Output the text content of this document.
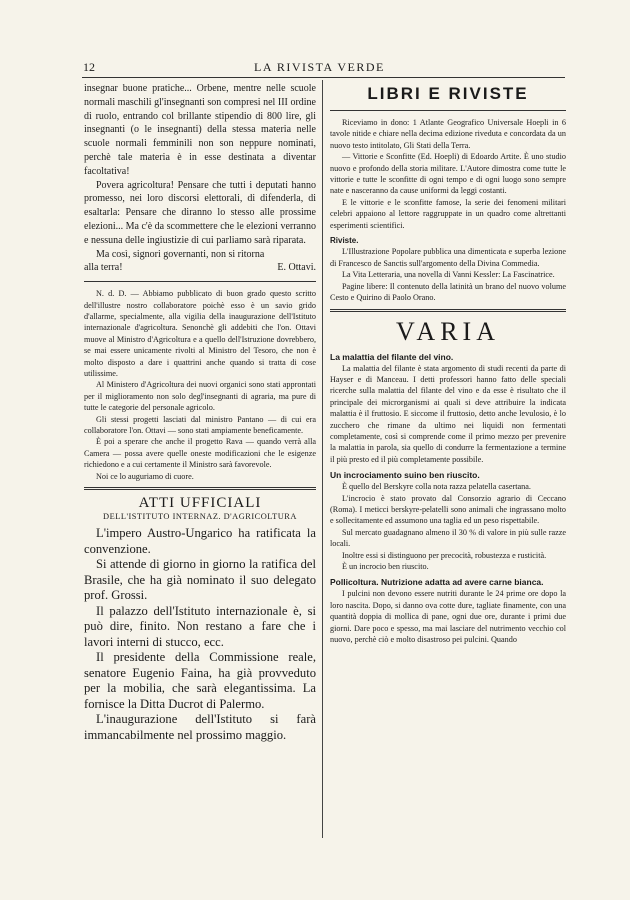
12	LA RIVISTA VERDE

insegnar buone pratiche... Orbene, mentre nelle scuole normali maschili gl'insegnanti son compresi nel III ordine di ruolo, entrando col brillante stipendio di 800 lire, gli insegnanti (o le insegnanti) della stessa materia nelle scuole normali femminili non son neppure nominati, perchè tale materia è in esse destinata a diventar facoltativa!

Povera agricoltura! Pensare che tutti i deputati hanno promesso, nei loro discorsi elettorali, di difenderla, di esaltarla: Pensare che diranno lo stesso alle prossime elezioni... Ma c'è da scommettere che le elezioni verranno e nessuna delle ingiustizie di cui parliamo sarà riparata.

Ma così, signori governanti, non si ritorna

alla terra!	E. Ottavi.

N. d. D. — Abbiamo pubblicato di buon grado questo scritto dell'illustre nostro collaboratore poichè esso è un savio grido d'allarme, specialmente, alla vigilia della inaugurazione dell'Istituto internazionale d'agricoltura. Senonchè gli addebiti che l'on. Ottavi muove al Ministro d'Agricoltura e a quello dell'Istruzione dovrebbero, se mai essere unicamente rivolti al Ministro del Tesoro, che non è molto disposto a dare i quattrini anche quando si tratta di cose utilissime.

Al Ministero d'Agricoltura dei nuovi organici sono stati approntati per il miglioramento non solo degl'insegnanti di agraria, ma pure di tutte le categorie del personale agricolo.

Gli stessi progetti lasciati dal ministro Pantano — di cui era collaboratore l'on. Ottavi — sono stati ampiamente beneficamente.

È poi a sperare che anche il progetto Rava — quando verrà alla Camera — possa avere quelle oneste modificazioni che le esigenze richiedono e a cui certamente il Ministro sarà favorevole.

Noi ce lo auguriamo di cuore.

ATTI UFFICIALI
DELL'ISTITUTO INTERNAZ. D'AGRICOLTURA

L'impero Austro-Ungarico ha ratificata la convenzione.

Si attende di giorno in giorno la ratifica del Brasile, che ha già nominato il suo delegato prof. Grossi.

Il palazzo dell'Istituto internazionale è, si può dire, finito. Non restano a fare che i lavori interni di stucco, ecc.

Il presidente della Commissione reale, senatore Eugenio Faina, ha già provveduto per la mobilia, che sarà elegantissima. La fornisce la Ditta Ducrot di Palermo.

L'inaugurazione dell'Istituto si farà immancabilmente nel prossimo maggio.

LIBRI E RIVISTE

Riceviamo in dono: 1 Atlante Geografico Universale Hoepli in 6 tavole nitide e chiare nella decima edizione riveduta e concordata da un nuovo testo intitolato, Gli Stati della Terra.

— Vittorie e Sconfitte (Ed. Hoepli) di Edoardo Artite. È uno studio nuovo e profondo della storia militare. L'Autore dimostra come tutte le vittorie e tutte le sconfitte di ogni tempo e di ogni luogo sono sempre nate e nasceranno da cause uniformi da leggi costanti.

E le vittorie e le sconfitte famose, la serie dei fenomeni militari celebri appaiono al lettore raggruppate in un quadro come altrettanti esperimenti scientifici.

Riviste.

L'Illustrazione Popolare pubblica una dimenticata e superba lezione di Francesco de Sanctis sull'argomento della Divina Commedia.

La Vita Letteraria, una novella di Vanni Kessler: La Fascinatrice.

Pagine libere: Il contenuto della latinità un brano del nuovo volume Cesto e Quirino di Paolo Orano.

VARIA
La malattia del filante del vino.

La malattia del filante è stata argomento di studi recenti da parte di Hayser e di Manceau. I detti professori hanno fatto delle speciali ricerche sulla malattia del filante del vino e da esse è risultato che il principale dei microrganismi ai quali si deve attribuire la indicata malattia è il fruttosio. E siccome il fruttosio, detto anche levulosio, è lo zucchero che rimane da ultimo nei liquidi non fermentati completamente, così si comprende come il primo mezzo per prevenire la malattia in parola, sia quello di condurre la fermentazione a termine il più presto ed il più completamente possibile.

Un incrociamento suino ben riuscito.

È quello del Berskyre colla nota razza pelatella casertana.

L'incrocio è stato provato dal Consorzio agrario di Ceccano (Roma). I meticci berskyre-pelatelli sono animali che ingrassano molto e sollecitamente ed assumono una taglia ed un peso rispettabile.

Sul mercato guadagnano almeno il 30 % di valore in più sulle razze locali.

Inoltre essi si distinguono per precocità, robustezza e rusticità.

È un incrocio ben riuscito.

Pollicoltura. Nutrizione adatta ad avere carne bianca.

I pulcini non devono essere nutriti durante le 24 prime ore dopo la loro nascita. Dopo, si danno ova cotte dure, tagliate finamente, con una quantità doppia di mollica di pane, ogni due ore, durante i primi due giorni. Dare poco e spesso, ma mai lasciare del nutrimento vecchio col nuovo, perchè ciò e molto disastroso pei pulcini. Quando
